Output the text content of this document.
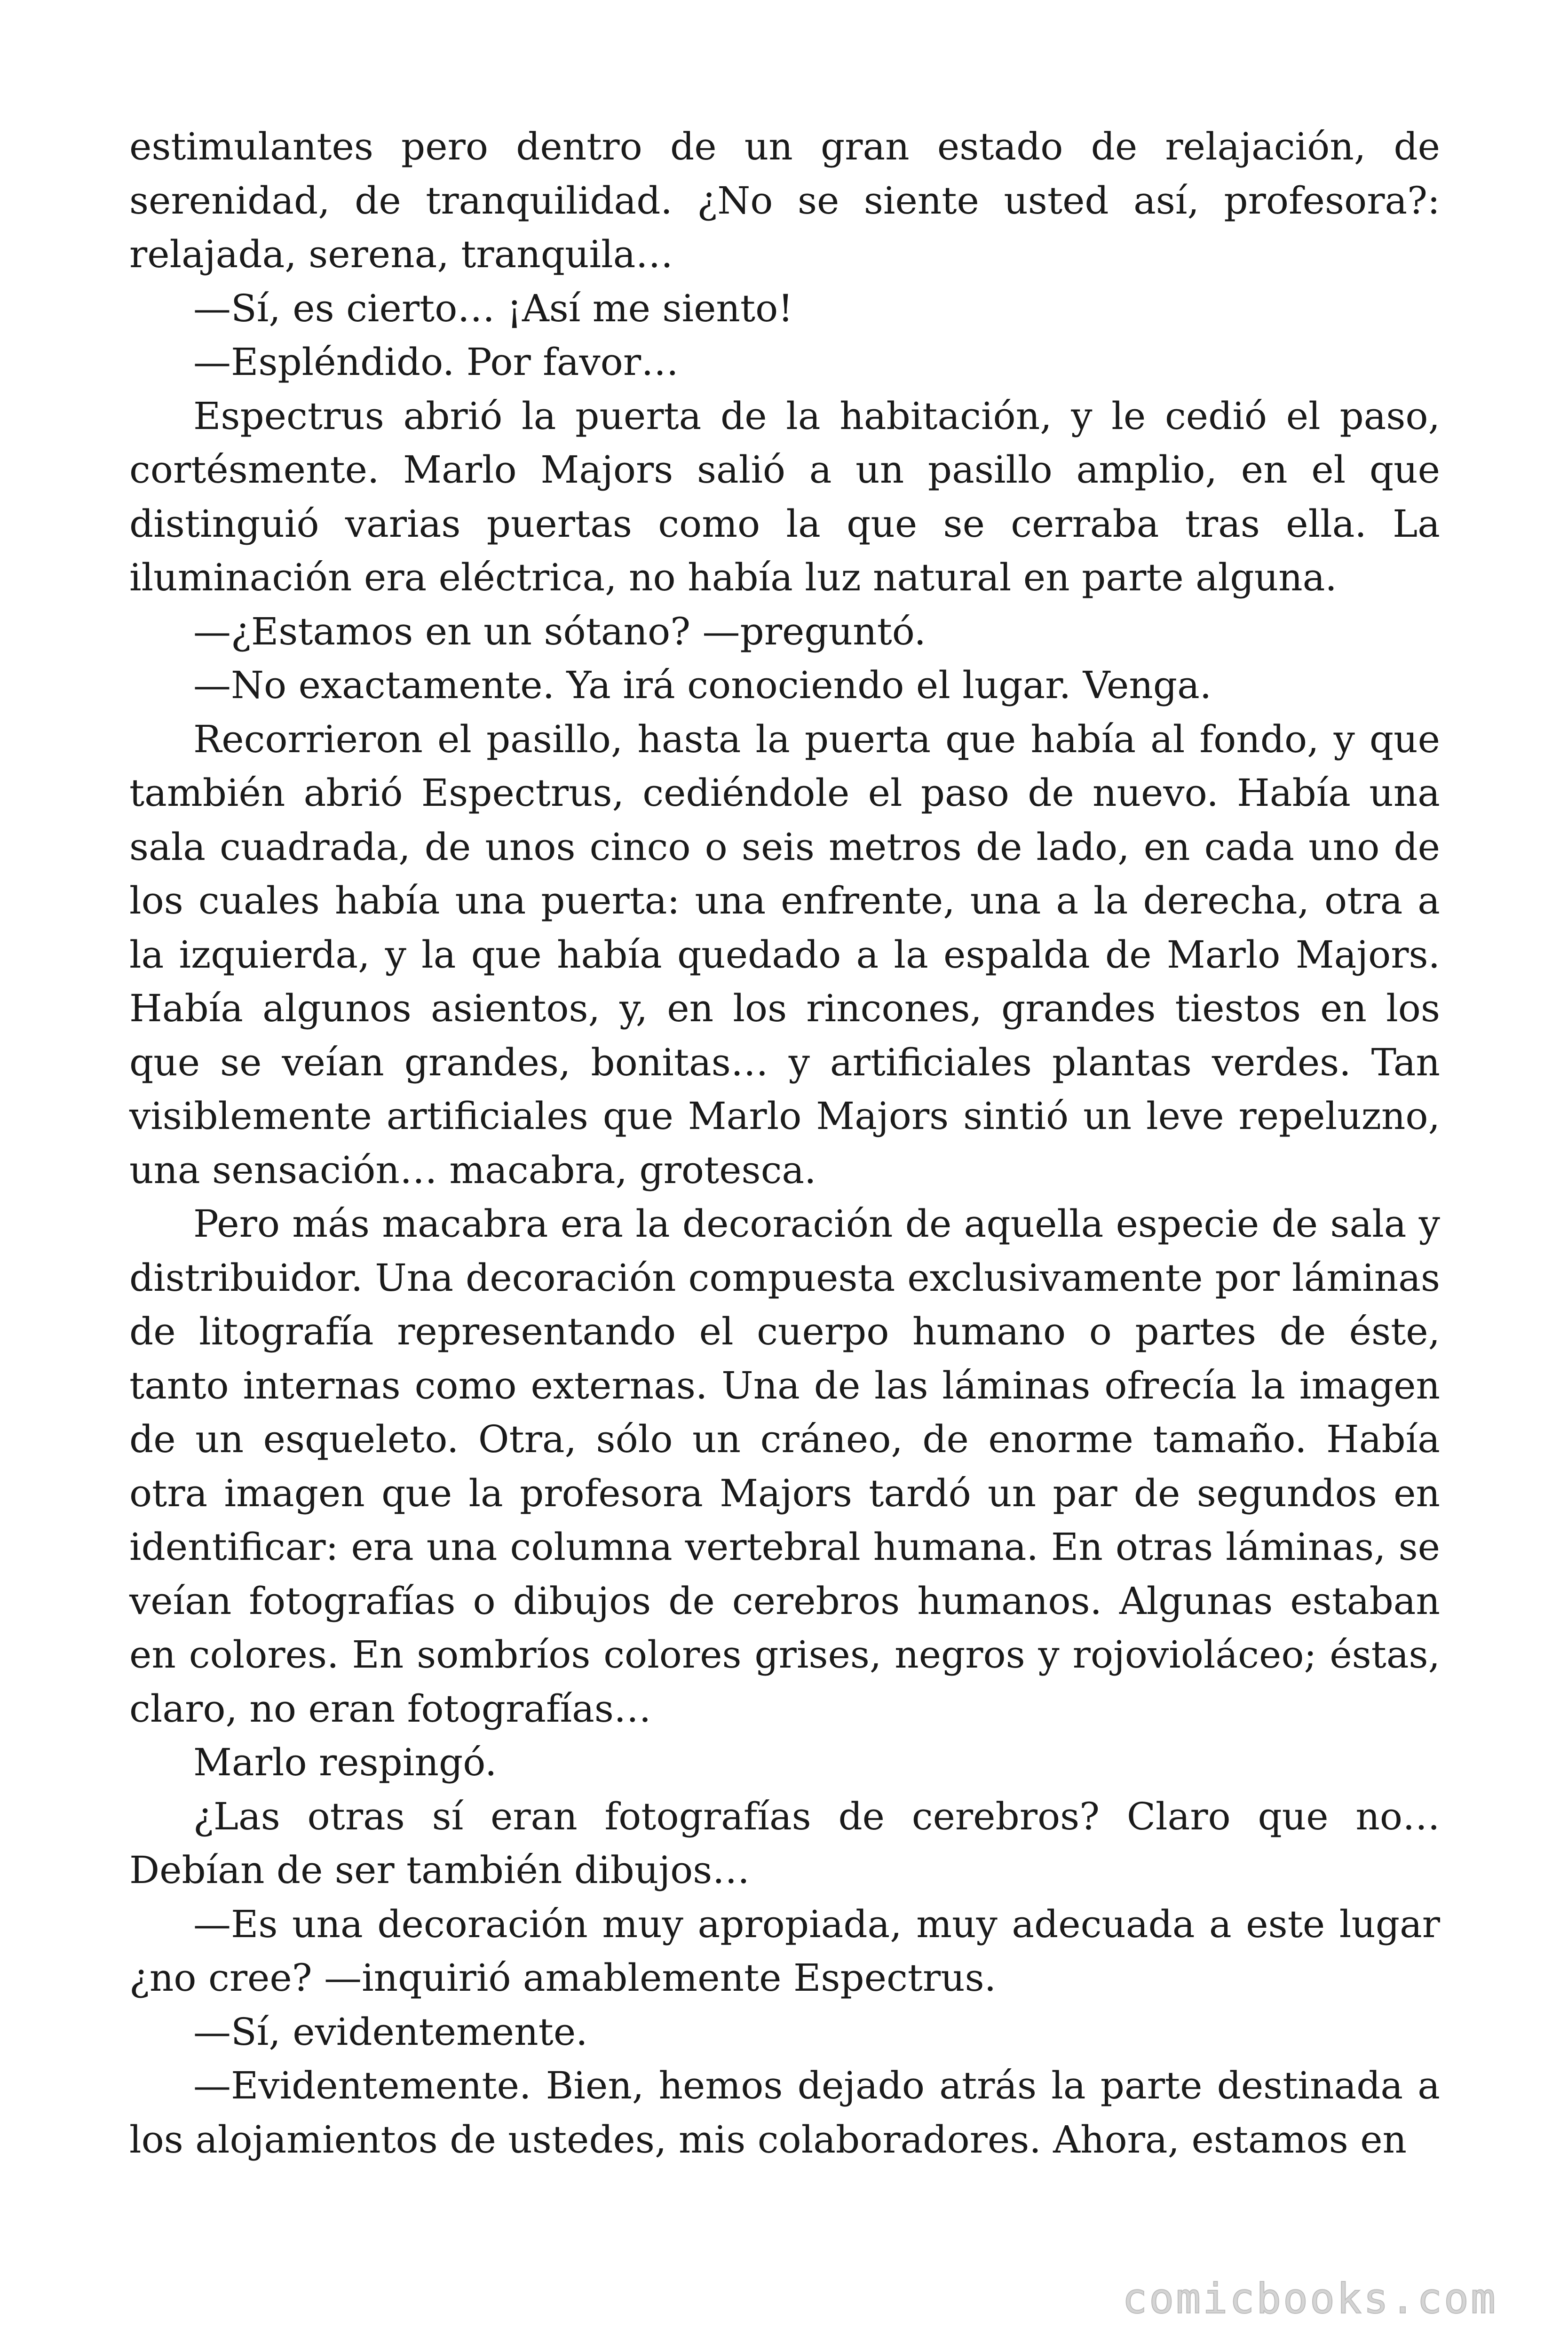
estimulantes pero dentro de un gran estado de relajación, de serenidad, de tranquilidad. ¿No se siente usted así, profesora?: relajada, serena, tranquila…

—Sí, es cierto… ¡Así me siento!

—Espléndido. Por favor…

Espectrus abrió la puerta de la habitación, y le cedió el paso, cortésmente. Marlo Majors salió a un pasillo amplio, en el que distinguió varias puertas como la que se cerraba tras ella. La iluminación era eléctrica, no había luz natural en parte alguna.

—¿Estamos en un sótano? —preguntó.

—No exactamente. Ya irá conociendo el lugar. Venga.

Recorrieron el pasillo, hasta la puerta que había al fondo, y que también abrió Espectrus, cediéndole el paso de nuevo. Había una sala cuadrada, de unos cinco o seis metros de lado, en cada uno de los cuales había una puerta: una enfrente, una a la derecha, otra a la izquierda, y la que había quedado a la espalda de Marlo Majors. Había algunos asientos, y, en los rincones, grandes tiestos en los que se veían grandes, bonitas… y artificiales plantas verdes. Tan visiblemente artificiales que Marlo Majors sintió un leve repeluzno, una sensación… macabra, grotesca.

Pero más macabra era la decoración de aquella especie de sala y distribuidor. Una decoración compuesta exclusivamente por láminas de litografía representando el cuerpo humano o partes de éste, tanto internas como externas. Una de las láminas ofrecía la imagen de un esqueleto. Otra, sólo un cráneo, de enorme tamaño. Había otra imagen que la profesora Majors tardó un par de segundos en identificar: era una columna vertebral humana. En otras láminas, se veían fotografías o dibujos de cerebros humanos. Algunas estaban en colores. En sombríos colores grises, negros y rojovioláceo; éstas, claro, no eran fotografías…

Marlo respingó.

¿Las otras sí eran fotografías de cerebros? Claro que no… Debían de ser también dibujos…

—Es una decoración muy apropiada, muy adecuada a este lugar ¿no cree? —inquirió amablemente Espectrus.

—Sí, evidentemente.

—Evidentemente. Bien, hemos dejado atrás la parte destinada a los alojamientos de ustedes, mis colaboradores. Ahora, estamos en

comicbooks.com
